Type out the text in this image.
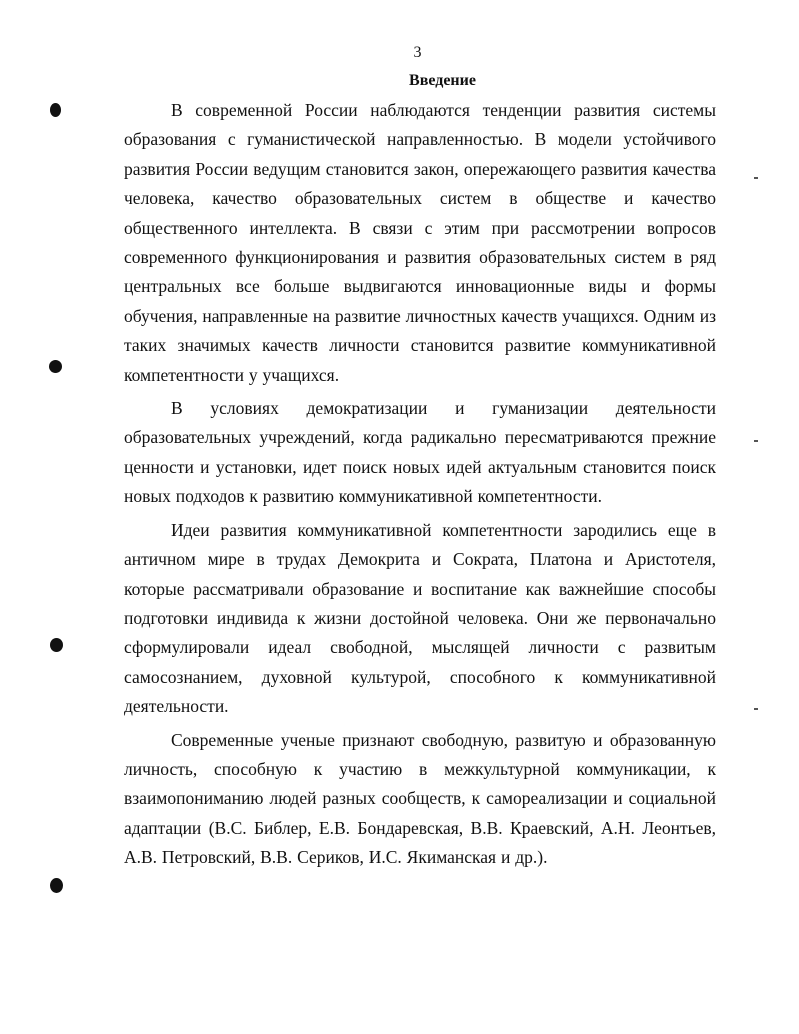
3
Введение

В современной России наблюдаются тенденции развития системы образования с гуманистической направленностью. В модели устойчивого развития России ведущим становится закон, опережающего развития качества человека, качество образовательных систем в обществе и качество общественного интеллекта. В связи с этим при рассмотрении вопросов современного функционирования и развития образовательных систем в ряд центральных все больше выдвигаются инновационные виды и формы обучения, направленные на развитие личностных качеств учащихся. Одним из таких значимых качеств личности становится развитие коммуникативной компетентности у учащихся.

В условиях демократизации и гуманизации деятельности образовательных учреждений, когда радикально пересматриваются прежние ценности и установки, идет поиск новых идей актуальным становится поиск новых подходов к развитию коммуникативной компетентности.

Идеи развития коммуникативной компетентности зародились еще в античном мире в трудах Демокрита и Сократа, Платона и Аристотеля, которые рассматривали образование и воспитание как важнейшие способы подготовки индивида к жизни достойной человека. Они же первоначально сформулировали идеал свободной, мыслящей личности с развитым самосознанием, духовной культурой, способного к коммуникативной деятельности.

Современные ученые признают свободную, развитую и образованную личность, способную к участию в межкультурной коммуникации, к взаимопониманию людей разных сообществ, к самореализации и социальной адаптации (В.С. Библер, Е.В. Бондаревская, В.В. Краевский, А.Н. Леонтьев, А.В. Петровский, В.В. Сериков, И.С. Якиманская и др.).
